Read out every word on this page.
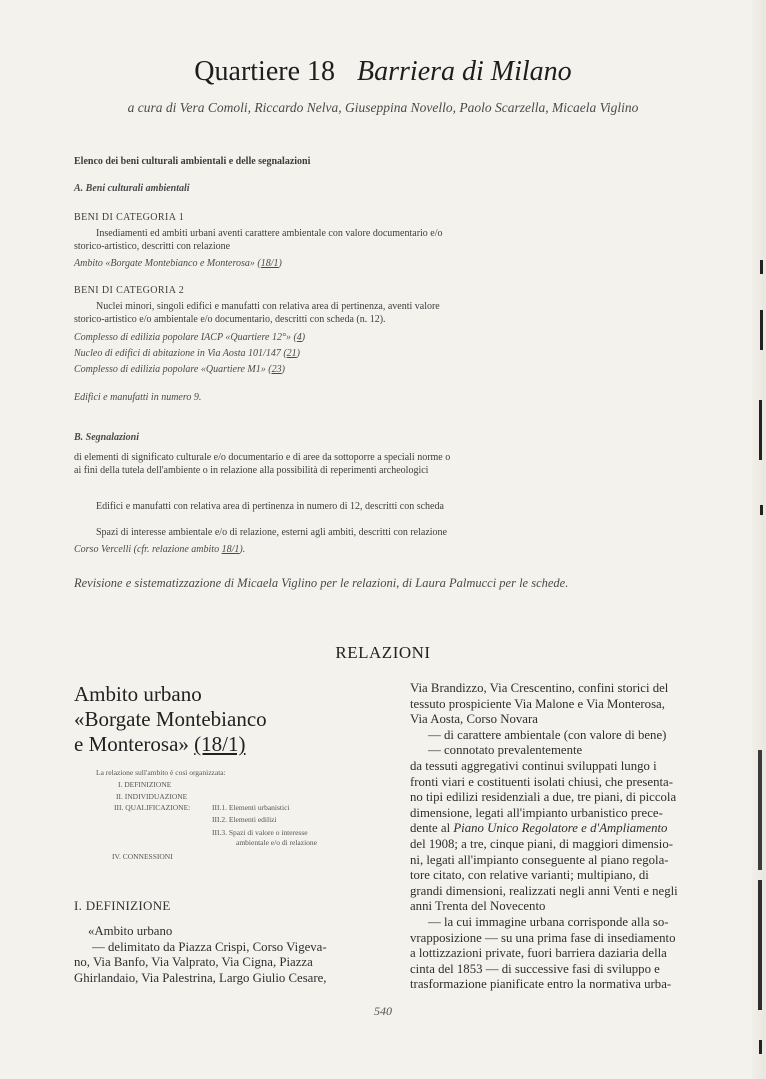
Quartiere 18 Barriera di Milano
a cura di Vera Comoli, Riccardo Nelva, Giuseppina Novello, Paolo Scarzella, Micaela Viglino
Elenco dei beni culturali ambientali e delle segnalazioni
A. Beni culturali ambientali
BENI DI CATEGORIA 1
Insediamenti ed ambiti urbani aventi carattere ambientale con valore documentario e/o
storico-artistico, descritti con relazione
Ambito «Borgate Montebianco e Monterosa» (18/1)
BENI DI CATEGORIA 2
Nuclei minori, singoli edifici e manufatti con relativa area di pertinenza, aventi valore
storico-artistico e/o ambientale e/o documentario, descritti con scheda (n. 12).
Complesso di edilizia popolare IACP «Quartiere 12°» (4)
Nucleo di edifici di abitazione in Via Aosta 101/147 (21)
Complesso di edilizia popolare «Quartiere M1» (23)
Edifici e manufatti in numero 9.
B. Segnalazioni
di elementi di significato culturale e/o documentario e di aree da sottoporre a speciali norme o
ai fini della tutela dell'ambiente o in relazione alla possibilità di reperimenti archeologici
Edifici e manufatti con relativa area di pertinenza in numero di 12, descritti con scheda
Spazi di interesse ambientale e/o di relazione, esterni agli ambiti, descritti con relazione
Corso Vercelli (cfr. relazione ambito 18/1).
Revisione e sistematizzazione di Micaela Viglino per le relazioni, di Laura Palmucci per le schede.
RELAZIONI
Ambito urbano
«Borgate Montebianco
e Monterosa» (18/1)
La relazione sull'ambito è così organizzata:
I. DEFINIZIONE
II. INDIVIDUAZIONE
III. QUALIFICAZIONE:	III.1. Elementi urbanistici
III.2. Elementi edilizi
III.3. Spazi di valore o interesse
ambientale e/o di relazione
IV. CONNESSIONI
I. DEFINIZIONE
«Ambito urbano
— delimitato da Piazza Crispi, Corso Vigeva-
no, Via Banfo, Via Valprato, Via Cigna, Piazza
Ghirlandaio, Via Palestrina, Largo Giulio Cesare,
Via Brandizzo, Via Crescentino, confini storici del
tessuto prospiciente Via Malone e Via Monterosa,
Via Aosta, Corso Novara
— di carattere ambientale (con valore di bene)
— connotato prevalentemente
da tessuti aggregativi continui sviluppati lungo i
fronti viari e costituenti isolati chiusi, che presenta-
no tipi edilizi residenziali a due, tre piani, di piccola
dimensione, legati all'impianto urbanistico prece-
dente al Piano Unico Regolatore e d'Ampliamento
del 1908; a tre, cinque piani, di maggiori dimensio-
ni, legati all'impianto conseguente al piano regola-
tore citato, con relative varianti; multipiano, di
grandi dimensioni, realizzati negli anni Venti e negli
anni Trenta del Novecento
— la cui immagine urbana corrisponde alla so-
vrapposizione — su una prima fase di insediamento
a lottizzazioni private, fuori barriera daziaria della
cinta del 1853 — di successive fasi di sviluppo e
trasformazione pianificate entro la normativa urba-
540
